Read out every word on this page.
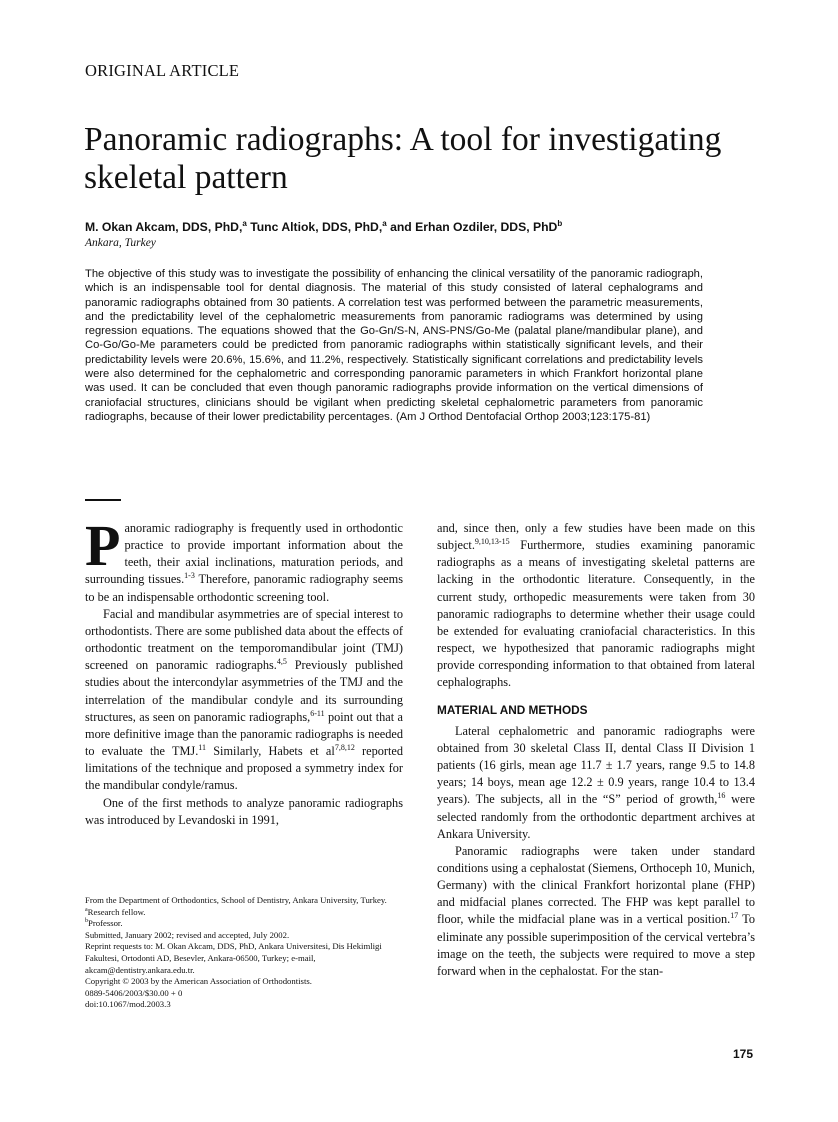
ORIGINAL ARTICLE
Panoramic radiographs: A tool for investigating skeletal pattern
M. Okan Akcam, DDS, PhD,$^a$ Tunc Altiok, DDS, PhD,$^a$ and Erhan Ozdiler, DDS, PhD$^b$
Ankara, Turkey

The objective of this study was to investigate the possibility of enhancing the clinical versatility of the panoramic radiograph, which is an indispensable tool for dental diagnosis. The material of this study consisted of lateral cephalograms and panoramic radiographs obtained from 30 patients. A correlation test was performed between the parametric measurements, and the predictability level of the cephalometric measurements from panoramic radiograms was determined by using regression equations. The equations showed that the Go-Gn/S-N, ANS-PNS/Go-Me (palatal plane/mandibular plane), and Co-Go/Go-Me parameters could be predicted from panoramic radiographs within statistically significant levels, and their predictability levels were 20.6%, 15.6%, and 11.2%, respectively. Statistically significant correlations and predictability levels were also determined for the cephalometric and corresponding panoramic parameters in which Frankfort horizontal plane was used. It can be concluded that even though panoramic radiographs provide information on the vertical dimensions of craniofacial structures, clinicians should be vigilant when predicting skeletal cephalometric parameters from panoramic radiographs, because of their lower predictability percentages. (Am J Orthod Dentofacial Orthop 2003;123:175-81)

Panoramic radiography is frequently used in orthodontic practice to provide important information about the teeth, their axial inclinations, maturation periods, and surrounding tissues.$^{1-3}$ Therefore, panoramic radiography seems to be an indispensable orthodontic screening tool.

Facial and mandibular asymmetries are of special interest to orthodontists. There are some published data about the effects of orthodontic treatment on the temporomandibular joint (TMJ) screened on panoramic radiographs.$^{4,5}$ Previously published studies about the intercondylar asymmetries of the TMJ and the interrelation of the mandibular condyle and its surrounding structures, as seen on panoramic radiographs,$^{6-11}$ point out that a more definitive image than the panoramic radiographs is needed to evaluate the TMJ.$^{11}$ Similarly, Habets et al$^{7,8,12}$ reported limitations of the technique and proposed a symmetry index for the mandibular condyle/ramus.

One of the first methods to analyze panoramic radiographs was introduced by Levandoski in 1991,

and, since then, only a few studies have been made on this subject.$^{9,10,13-15}$ Furthermore, studies examining panoramic radiographs as a means of investigating skeletal patterns are lacking in the orthodontic literature. Consequently, in the current study, orthopedic measurements were taken from 30 panoramic radiographs to determine whether their usage could be extended for evaluating craniofacial characteristics. In this respect, we hypothesized that panoramic radiographs might provide corresponding information to that obtained from lateral cephalographs.

MATERIAL AND METHODS

Lateral cephalometric and panoramic radiographs were obtained from 30 skeletal Class II, dental Class II Division 1 patients (16 girls, mean age 11.7 ± 1.7 years, range 9.5 to 14.8 years; 14 boys, mean age 12.2 ± 0.9 years, range 10.4 to 13.4 years). The subjects, all in the “S” period of growth,$^{16}$ were selected randomly from the orthodontic department archives at Ankara University.

Panoramic radiographs were taken under standard conditions using a cephalostat (Siemens, Orthoceph 10, Munich, Germany) with the clinical Frankfort horizontal plane (FHP) and midfacial planes corrected. The FHP was kept parallel to floor, while the midfacial plane was in a vertical position.$^{17}$ To eliminate any possible superimposition of the cervical vertebra’s image on the teeth, the subjects were required to move a step forward when in the cephalostat. For the stan-

From the Department of Orthodontics, School of Dentistry, Ankara University, Turkey.
$^a$Research fellow.
$^b$Professor.
Submitted, January 2002; revised and accepted, July 2002.
Reprint requests to: M. Okan Akcam, DDS, PhD, Ankara Universitesi, Dis Hekimligi Fakultesi, Ortodonti AD, Besevler, Ankara-06500, Turkey; e-mail, akcam@dentistry.ankara.edu.tr.
Copyright © 2003 by the American Association of Orthodontists.
0889-5406/2003/$30.00 + 0
doi:10.1067/mod.2003.3
175
